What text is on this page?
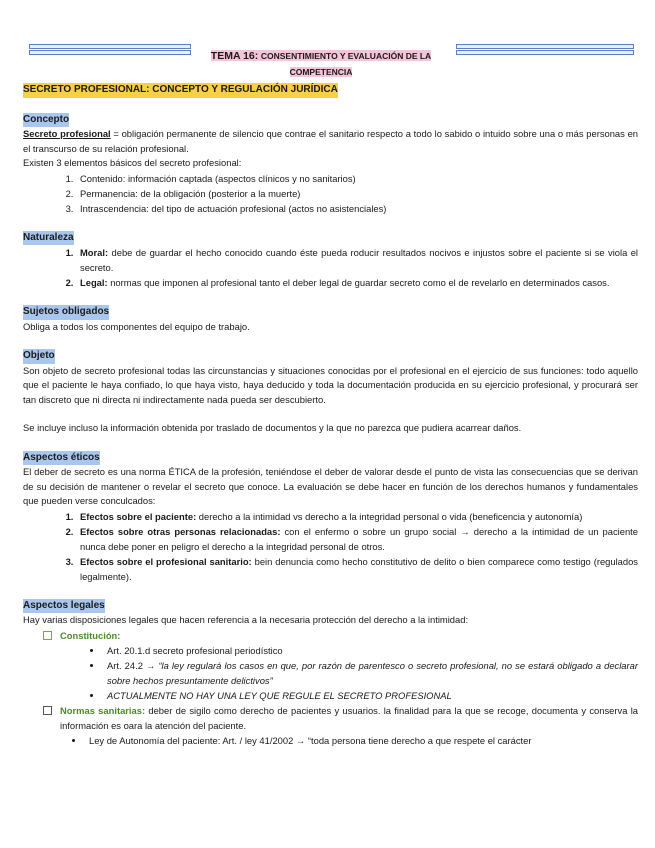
TEMA 16: CONSENTIMIENTO Y EVALUACIÓN DE LA
COMPETENCIA
SECRETO PROFESIONAL: CONCEPTO Y REGULACIÓN JURÍDICA
Concepto

Secreto profesional = obligación permanente de silencio que contrae el sanitario respecto a todo lo sabido o intuido sobre una o más personas en el transcurso de su relación profesional.

Existen 3 elementos básicos del secreto profesional:

1. Contenido: información captada (aspectos clínicos y no sanitarios)
2. Permanencia: de la obligación (posterior a la muerte)
3. Intrascendencia: del tipo de actuación profesional (actos no asistenciales)
Naturaleza
1. Moral: debe de guardar el hecho conocido cuando éste pueda roducir resultados nocivos e injustos sobre el paciente si se viola el secreto.
2. Legal: normas que imponen al profesional tanto el deber legal de guardar secreto como el de revelarlo en determinados casos.
Sujetos obligados

Obliga a todos los componentes del equipo de trabajo.

Objeto

Son objeto de secreto profesional todas las circunstancias y situaciones conocidas por el profesional en el ejercicio de sus funciones: todo aquello que el paciente le haya confiado, lo que haya visto, haya deducido y toda la documentación producida en su ejercicio profesional, y procurará ser tan discreto que ni directa ni indirectamente nada pueda ser descubierto.

Se incluye incluso la información obtenida por traslado de documentos y la que no parezca que pudiera acarrear daños.

Aspectos éticos

El deber de secreto es una norma ÉTICA de la profesión, teniéndose el deber de valorar desde el punto de vista las consecuencias que se derivan de su decisión de mantener o revelar el secreto que conoce. La evaluación se debe hacer en función de los derechos humanos y fundamentales que pueden verse conculcados:

1. Efectos sobre el paciente: derecho a la intimidad vs derecho a la integridad personal o vida (beneficencia y autonomía)
2. Efectos sobre otras personas relacionadas: con el enfermo o sobre un grupo social → derecho a la intimidad de un paciente nunca debe poner en peligro el derecho a la integridad personal de otros.
3. Efectos sobre el profesional sanitario: bein denuncia como hecho constitutivo de delito o bien comparece como testigo (regulados legalmente).
Aspectos legales

Hay varias disposiciones legales que hacen referencia a la necesaria protección del derecho a la intimidad:

Constitución:
• Art. 20.1.d secreto profesional periodístico
• Art. 24.2 → “la ley regulará los casos en que, por razón de parentesco o secreto profesional, no se estará obligado a declarar sobre hechos presuntamente delictivos”
• ACTUALMENTE NO HAY UNA LEY QUE REGULE EL SECRETO PROFESIONAL
Normas sanitarias: deber de sigilo como derecho de pacientes y usuarios. la finalidad para la que se recoge, documenta y conserva la información es oara la atención del paciente.
• Ley de Autonomía del paciente: Art. / ley 41/2002 → “toda persona tiene derecho a que respete el carácter
